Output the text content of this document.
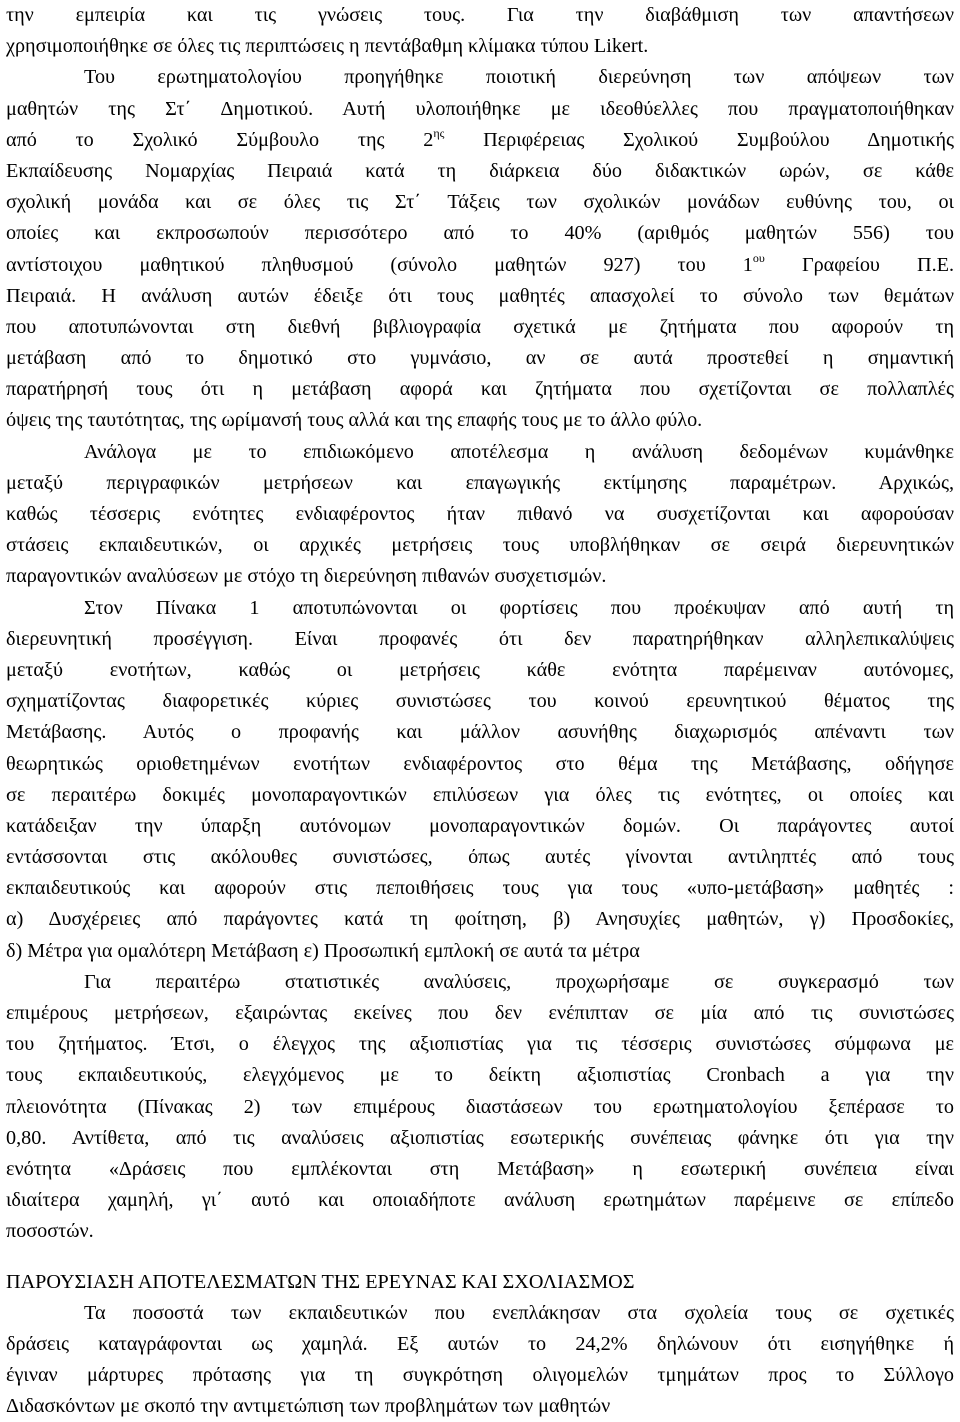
την εμπειρία και τις γνώσεις τους. Για την διαβάθμιση των απαντήσεων
χρησιμοποιήθηκε σε όλες τις περιπτώσεις η πεντάβαθμη κλίμακα τύπου Likert.
Του ερωτηματολογίου προηγήθηκε ποιοτική διερεύνηση των απόψεων των
μαθητών της Στ΄ Δημοτικού. Αυτή υλοποιήθηκε με ιδεοθύελλες που πραγματοποιήθηκαν
από το Σχολικό Σύμβουλο της $2^{\eta\varsigma}$ Περιφέρειας Σχολικού Συμβούλου Δημοτικής
Εκπαίδευσης Νομαρχίας Πειραιά κατά τη διάρκεια δύο διδακτικών ωρών, σε κάθε
σχολική μονάδα και σε όλες τις Στ΄ Τάξεις των σχολικών μονάδων ευθύνης του, οι
οποίες και εκπροσωπούν περισσότερο από το 40% (αριθμός μαθητών 556) του
αντίστοιχου μαθητικού πληθυσμού (σύνολο μαθητών 927) του $1^{o\upsilon}$ Γραφείου Π.Ε.
Πειραιά. Η ανάλυση αυτών έδειξε ότι τους μαθητές απασχολεί το σύνολο των θεμάτων
που αποτυπώνονται στη διεθνή βιβλιογραφία σχετικά με ζητήματα που αφορούν τη
μετάβαση από το δημοτικό στο γυμνάσιο, αν σε αυτά προστεθεί η σημαντική
παρατήρησή τους ότι η μετάβαση αφορά και ζητήματα που σχετίζονται σε πολλαπλές
όψεις της ταυτότητας, της ωρίμανσή τους αλλά και της επαφής τους με το άλλο φύλο.
Ανάλογα με το επιδιωκόμενο αποτέλεσμα η ανάλυση δεδομένων κυμάνθηκε
μεταξύ περιγραφικών μετρήσεων και επαγωγικής εκτίμησης παραμέτρων. Αρχικώς,
καθώς τέσσερις ενότητες ενδιαφέροντος ήταν πιθανό να συσχετίζονται και αφορούσαν
στάσεις εκπαιδευτικών, οι αρχικές μετρήσεις τους υποβλήθηκαν σε σειρά διερευνητικών
παραγοντικών αναλύσεων με στόχο τη διερεύνηση πιθανών συσχετισμών.
Στον Πίνακα 1 αποτυπώνονται οι φορτίσεις που προέκυψαν από αυτή τη
διερευνητική προσέγγιση. Είναι προφανές ότι δεν παρατηρήθηκαν αλληλεπικαλύψεις
μεταξύ ενοτήτων, καθώς οι μετρήσεις κάθε ενότητα παρέμειναν αυτόνομες,
σχηματίζοντας διαφορετικές κύριες συνιστώσες του κοινού ερευνητικού θέματος της
Μετάβασης. Αυτός ο προφανής και μάλλον ασυνήθης διαχωρισμός απέναντι των
θεωρητικώς οριοθετημένων ενοτήτων ενδιαφέροντος στο θέμα της Μετάβασης, οδήγησε
σε περαιτέρω δοκιμές μονοπαραγοντικών επιλύσεων για όλες τις ενότητες, οι οποίες και
κατάδειξαν την ύπαρξη αυτόνομων μονοπαραγοντικών δομών. Οι παράγοντες αυτοί
εντάσσονται στις ακόλουθες συνιστώσες, όπως αυτές γίνονται αντιληπτές από τους
εκπαιδευτικούς και αφορούν στις πεποιθήσεις τους για τους «υπο-μετάβαση» μαθητές :
α) Δυσχέρειες από παράγοντες κατά τη φοίτηση, β) Ανησυχίες μαθητών, γ) Προσδοκίες,
δ) Μέτρα για ομαλότερη Μετάβαση ε) Προσωπική εμπλοκή σε αυτά τα μέτρα
Για περαιτέρω στατιστικές αναλύσεις, προχωρήσαμε σε συγκερασμό των
επιμέρους μετρήσεων, εξαιρώντας εκείνες που δεν ενέπιπταν σε μία από τις συνιστώσες
του ζητήματος. Έτσι, ο έλεγχος της αξιοπιστίας για τις τέσσερις συνιστώσες σύμφωνα με
τους εκπαιδευτικούς, ελεγχόμενος με το δείκτη αξιοπιστίας Cronbach a για την
πλειονότητα (Πίνακας 2) των επιμέρους διαστάσεων του ερωτηματολογίου ξεπέρασε το
0,80. Αντίθετα, από τις αναλύσεις αξιοπιστίας εσωτερικής συνέπειας φάνηκε ότι για την
ενότητα «Δράσεις που εμπλέκονται στη Μετάβαση» η εσωτερική συνέπεια είναι
ιδιαίτερα χαμηλή, γι΄ αυτό και οποιαδήποτε ανάλυση ερωτημάτων παρέμεινε σε επίπεδο
ποσοστών.
ΠΑΡΟΥΣΙΑΣΗ ΑΠΟΤΕΛΕΣΜΑΤΩΝ ΤΗΣ ΕΡΕΥΝΑΣ ΚΑΙ ΣΧΟΛΙΑΣΜΟΣ
Τα ποσοστά των εκπαιδευτικών που ενεπλάκησαν στα σχολεία τους σε σχετικές
δράσεις καταγράφονται ως χαμηλά. Εξ αυτών το 24,2% δηλώνουν ότι εισηγήθηκε ή
έγιναν μάρτυρες πρότασης για τη συγκρότηση ολιγομελών τμημάτων προς το Σύλλογο
Διδασκόντων με σκοπό την αντιμετώπιση των προβλημάτων των μαθητών
